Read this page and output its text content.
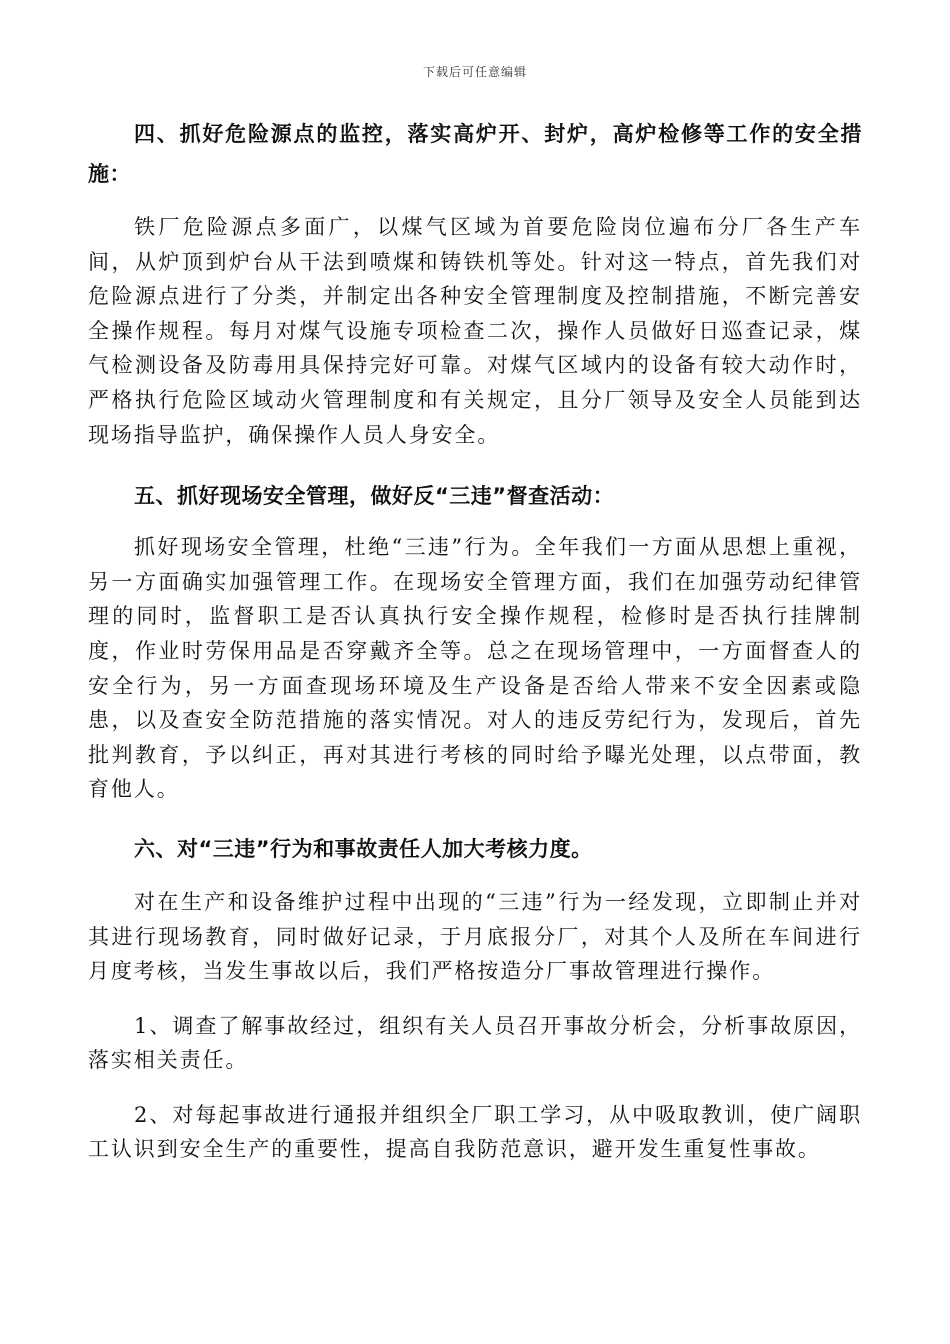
下载后可任意编辑

四、抓好危险源点的监控，落实高炉开、封炉，高炉检修等工作的安全措施：

铁厂危险源点多面广，以煤气区域为首要危险岗位遍布分厂各生产车间，从炉顶到炉台从干法到喷煤和铸铁机等处。针对这一特点，首先我们对危险源点进行了分类，并制定出各种安全管理制度及控制措施，不断完善安全操作规程。每月对煤气设施专项检查二次，操作人员做好日巡查记录，煤气检测设备及防毒用具保持完好可靠。对煤气区域内的设备有较大动作时，严格执行危险区域动火管理制度和有关规定，且分厂领导及安全人员能到达现场指导监护，确保操作人员人身安全。

五、抓好现场安全管理，做好反“三违”督查活动：

抓好现场安全管理，杜绝“三违”行为。全年我们一方面从思想上重视，另一方面确实加强管理工作。在现场安全管理方面，我们在加强劳动纪律管理的同时，监督职工是否认真执行安全操作规程，检修时是否执行挂牌制度，作业时劳保用品是否穿戴齐全等。总之在现场管理中，一方面督查人的安全行为，另一方面查现场环境及生产设备是否给人带来不安全因素或隐患，以及查安全防范措施的落实情况。对人的违反劳纪行为，发现后，首先批判教育，予以纠正，再对其进行考核的同时给予曝光处理，以点带面，教育他人。

六、对“三违”行为和事故责任人加大考核力度。

对在生产和设备维护过程中出现的“三违”行为一经发现，立即制止并对其进行现场教育，同时做好记录，于月底报分厂，对其个人及所在车间进行月度考核，当发生事故以后，我们严格按造分厂事故管理进行操作。

1、调查了解事故经过，组织有关人员召开事故分析会，分析事故原因，落实相关责任。

2、对每起事故进行通报并组织全厂职工学习，从中吸取教训，使广阔职工认识到安全生产的重要性，提高自我防范意识，避开发生重复性事故。
